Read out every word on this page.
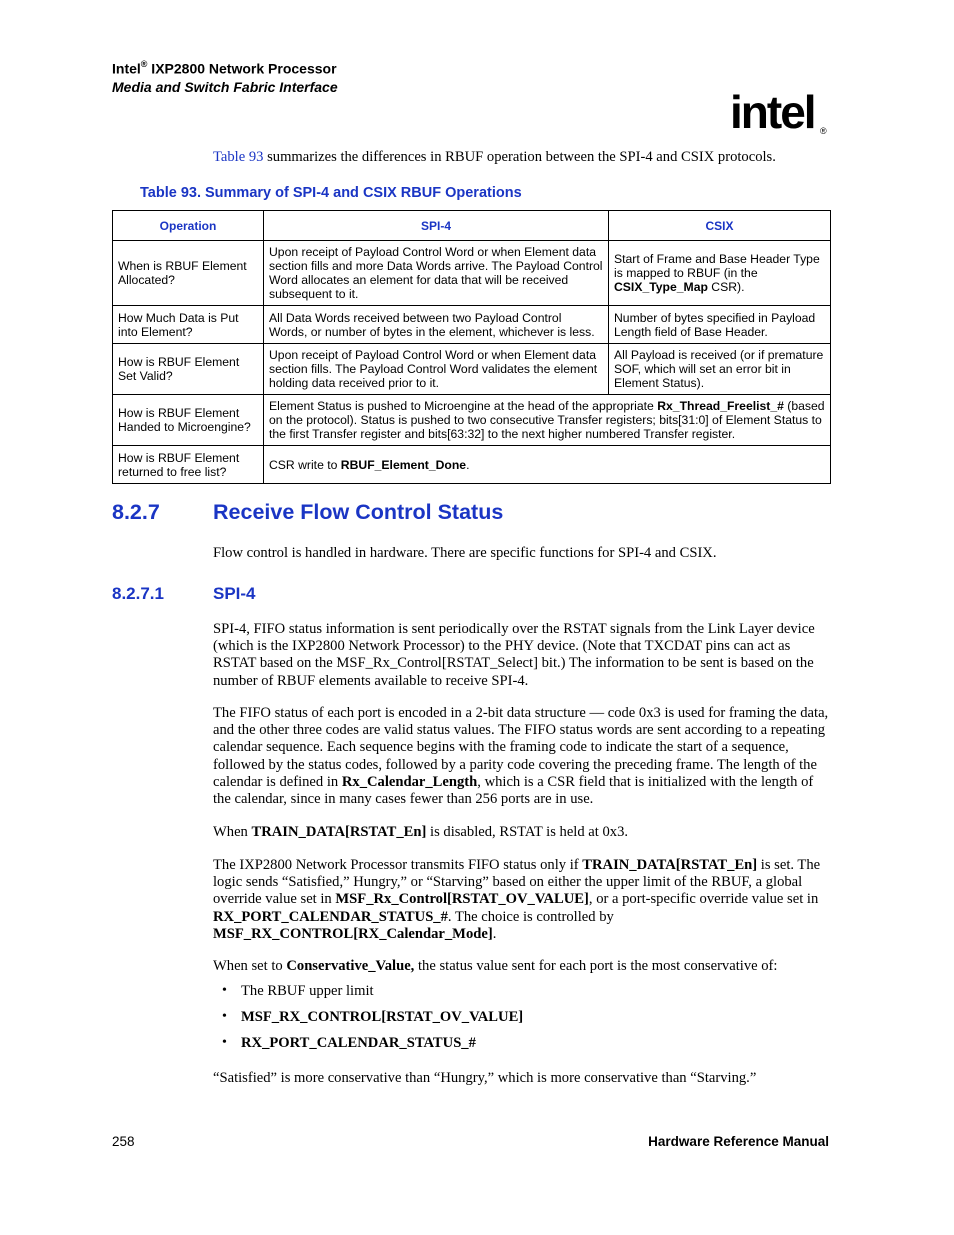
Intel® IXP2800 Network Processor
Media and Switch Fabric Interface	intel ®
Table 93 summarizes the differences in RBUF operation between the SPI-4 and CSIX protocols.
Table 93. Summary of SPI-4 and CSIX RBUF Operations
Operation	SPI-4	CSIX
When is RBUF Element Allocated?	Upon receipt of Payload Control Word or when Element data section fills and more Data Words arrive. The Payload Control Word allocates an element for data that will be received subsequent to it.	Start of Frame and Base Header Type is mapped to RBUF (in the CSIX_Type_Map CSR).
How Much Data is Put into Element?	All Data Words received between two Payload Control Words, or number of bytes in the element, whichever is less.	Number of bytes specified in Payload Length field of Base Header.
How is RBUF Element Set Valid?	Upon receipt of Payload Control Word or when Element data section fills. The Payload Control Word validates the element holding data received prior to it.	All Payload is received (or if premature SOF, which will set an error bit in Element Status).
How is RBUF Element Handed to Microengine?	Element Status is pushed to Microengine at the head of the appropriate Rx_Thread_Freelist_# (based on the protocol). Status is pushed to two consecutive Transfer registers; bits[31:0] of Element Status to the first Transfer register and bits[63:32] to the next higher numbered Transfer register.	
How is RBUF Element returned to free list?	CSR write to RBUF_Element_Done.	
8.2.7 Receive Flow Control Status
Flow control is handled in hardware. There are specific functions for SPI-4 and CSIX.
8.2.7.1	SPI-4
SPI-4, FIFO status information is sent periodically over the RSTAT signals from the Link Layer device (which is the IXP2800 Network Processor) to the PHY device. (Note that TXCDAT pins can act as RSTAT based on the MSF_Rx_Control[RSTAT_Select] bit.) The information to be sent is based on the number of RBUF elements available to receive SPI-4.
The FIFO status of each port is encoded in a 2-bit data structure — code 0x3 is used for framing the data, and the other three codes are valid status values. The FIFO status words are sent according to a repeating calendar sequence. Each sequence begins with the framing code to indicate the start of a sequence, followed by the status codes, followed by a parity code covering the preceding frame. The length of the calendar is defined in Rx_Calendar_Length, which is a CSR field that is initialized with the length of the calendar, since in many cases fewer than 256 ports are in use.
When TRAIN_DATA[RSTAT_En] is disabled, RSTAT is held at 0x3.
The IXP2800 Network Processor transmits FIFO status only if TRAIN_DATA[RSTAT_En] is set. The logic sends “Satisfied,” Hungry,” or “Starving” based on either the upper limit of the RBUF, a global override value set in MSF_Rx_Control[RSTAT_OV_VALUE], or a port-specific override value set in RX_PORT_CALENDAR_STATUS_#. The choice is controlled by MSF_RX_CONTROL[RX_Calendar_Mode].
When set to Conservative_Value, the status value sent for each port is the most conservative of:
• The RBUF upper limit
• MSF_RX_CONTROL[RSTAT_OV_VALUE]
• RX_PORT_CALENDAR_STATUS_#
“Satisfied” is more conservative than “Hungry,” which is more conservative than “Starving.”
258	Hardware Reference Manual
